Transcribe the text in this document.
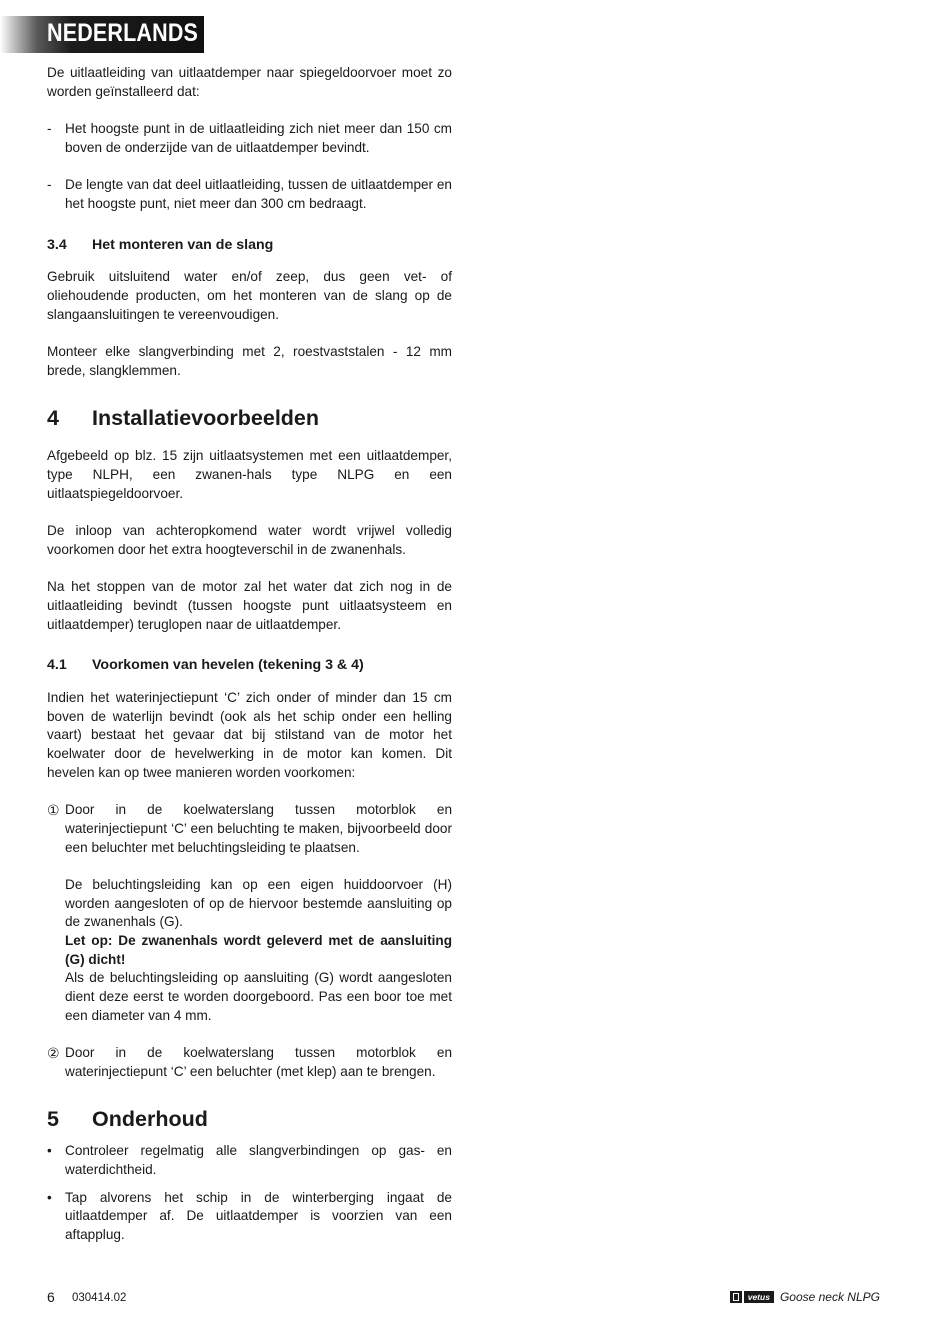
NEDERLANDS

De uitlaatleiding van uitlaatdemper naar spiegeldoorvoer moet zo worden geïnstalleerd dat:

- Het hoogste punt in de uitlaatleiding zich niet meer dan 150 cm boven de onderzijde van de uitlaatdemper bevindt.
- De lengte van dat deel uitlaatleiding, tussen de uitlaatdemper en het hoogste punt, niet meer dan 300 cm bedraagt.
3.4	Het monteren van de slang

Gebruik uitsluitend water en/of zeep, dus geen vet- of oliehoudende producten, om het monteren van de slang op de slangaansluitingen te vereenvoudigen.

Monteer elke slangverbinding met 2, roestvaststalen - 12 mm brede, slangklemmen.

4	Installatievoorbeelden

Afgebeeld op blz. 15 zijn uitlaatsystemen met een uitlaatdemper, type NLPH, een zwanen-hals type NLPG en een uitlaatspiegeldoorvoer.

De inloop van achteropkomend water wordt vrijwel volledig voorkomen door het extra hoogteverschil in de zwanenhals.

Na het stoppen van de motor zal het water dat zich nog in de uitlaatleiding bevindt (tussen hoogste punt uitlaatsysteem en uitlaatdemper) teruglopen naar de uitlaatdemper.

4.1	Voorkomen van hevelen (tekening 3 & 4)

Indien het waterinjectiepunt ‘C’ zich onder of minder dan 15 cm boven de waterlijn bevindt (ook als het schip onder een helling vaart) bestaat het gevaar dat bij stilstand van de motor het koelwater door de hevelwerking in de motor kan komen. Dit hevelen kan op twee manieren worden voorkomen:

① Door in de koelwaterslang tussen motorblok en waterinjectiepunt ‘C’ een beluchting te maken, bijvoorbeeld door een beluchter met beluchtingsleiding te plaatsen.

De beluchtingsleiding kan op een eigen huiddoorvoer (H) worden aangesloten of op de hiervoor bestemde aansluiting op de zwanenhals (G).

Let op: De zwanenhals wordt geleverd met de aansluiting (G) dicht!

Als de beluchtingsleiding op aansluiting (G) wordt aangesloten dient deze eerst te worden doorgeboord. Pas een boor toe met een diameter van 4 mm.

② Door in de koelwaterslang tussen motorblok en waterinjectiepunt ‘C’ een beluchter (met klep) aan te brengen.

5	Onderhoud
• Controleer regelmatig alle slangverbindingen op gas- en waterdichtheid.
• Tap alvorens het schip in de winterberging ingaat de uitlaatdemper af. De uitlaatdemper is voorzien van een aftapplug.
6 030414.02	vetus Goose neck NLPG
